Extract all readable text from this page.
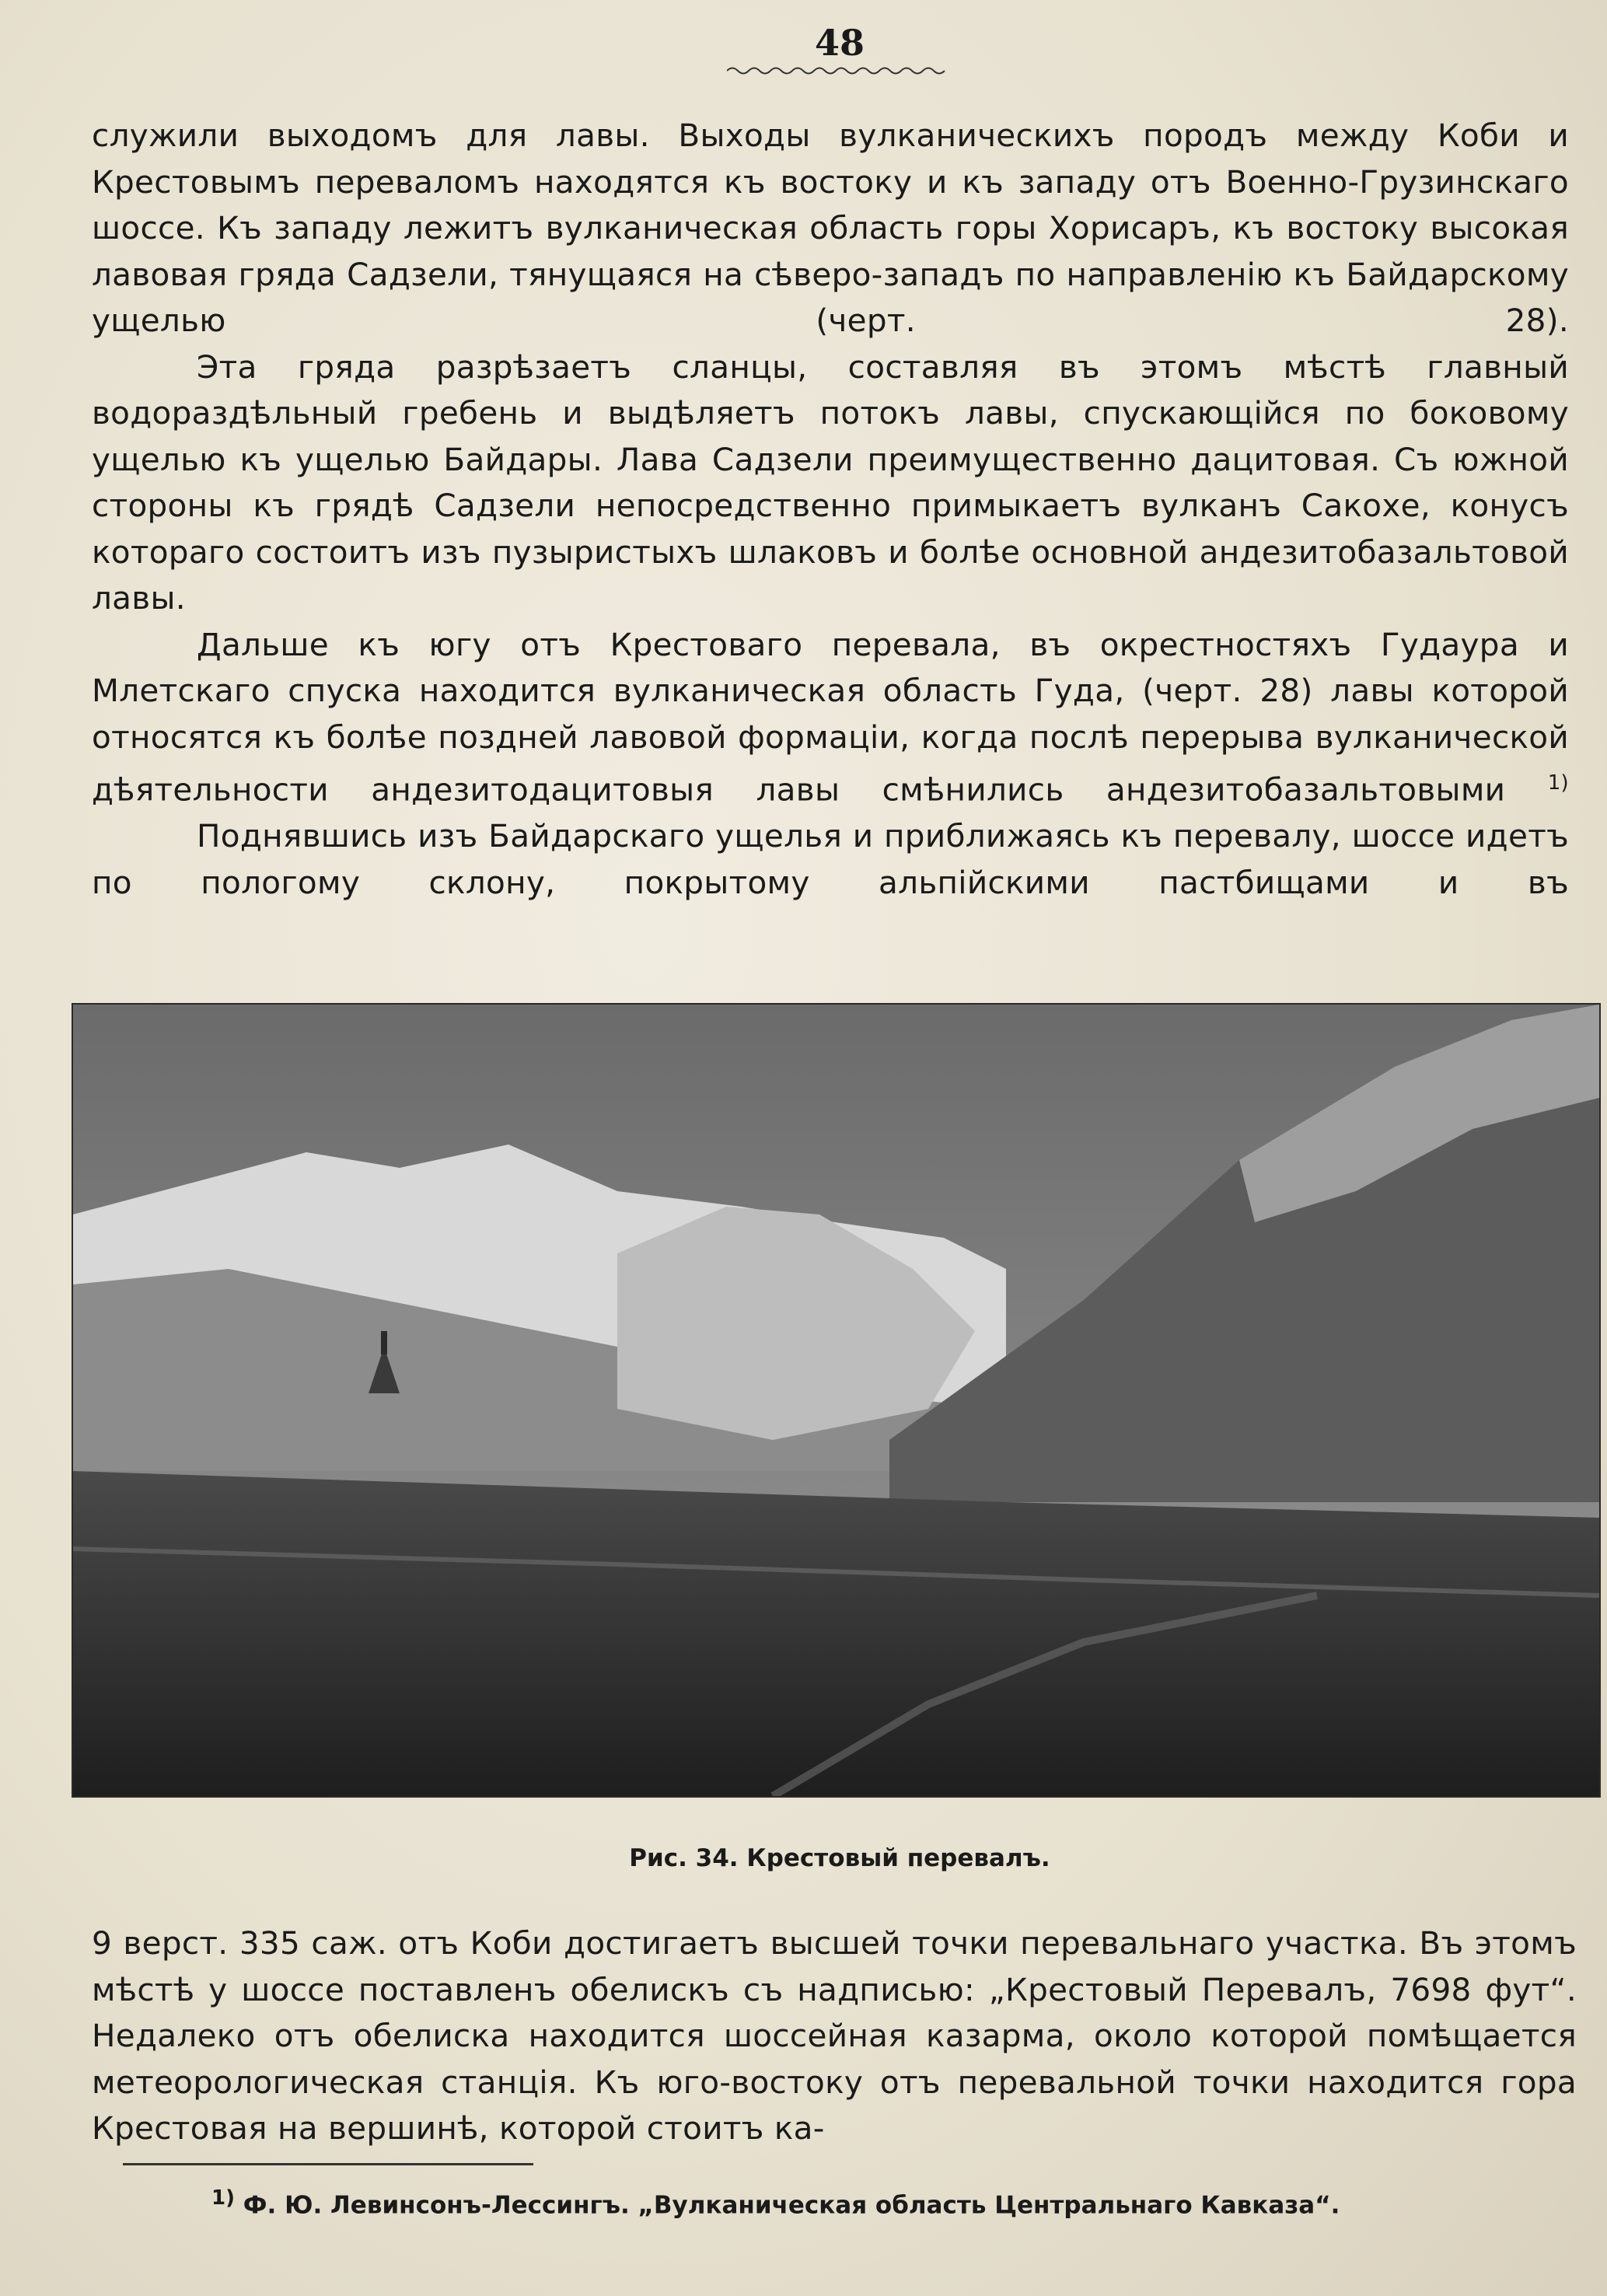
48

служили выходомъ для лавы. Выходы вулканическихъ породъ между Коби и Крестовымъ переваломъ находятся къ востоку и къ западу отъ Военно-Грузинскаго шоссе. Къ западу лежитъ вулканическая область горы Хорисаръ, къ востоку высокая лавовая гряда Садзели, тянущаяся на сѣверо-западъ по направленію къ Байдарскому ущелью (черт. 28).

Эта гряда разрѣзаетъ сланцы, составляя въ этомъ мѣстѣ главный водораздѣльный гребень и выдѣляетъ потокъ лавы, спускающійся по боковому ущелью къ ущелью Байдары. Лава Садзели преимущественно дацитовая. Съ южной стороны къ грядѣ Садзели непосредственно примыкаетъ вулканъ Сакохе, конусъ котораго состоитъ изъ пузыристыхъ шлаковъ и болѣе основной андезитобазальтовой лавы.

Дальше къ югу отъ Крестоваго перевала, въ окрестностяхъ Гудаура и Млетскаго спуска находится вулканическая область Гуда, (черт. 28) лавы которой относятся къ болѣе поздней лавовой формаціи, когда послѣ перерыва вулканической дѣятельности андезитодацитовыя лавы смѣнились андезитобазальтовыми $^{1)}$

Поднявшись изъ Байдарскаго ущелья и приближаясь къ перевалу, шоссе идетъ по пологому склону, покрытому альпійскими пастбищами и въ

Рис. 34. Крестовый перевалъ.

9 верст. 335 саж. отъ Коби достигаетъ высшей точки перевальнаго участка. Въ этомъ мѣстѣ у шоссе поставленъ обелискъ съ надписью: „Крестовый Перевалъ, 7698 фут“. Недалеко отъ обелиска находится шоссейная казарма, около которой помѣщается метеорологическая станція. Къ юго-востоку отъ перевальной точки находится гора Крестовая на вершинѣ, которой стоитъ ка-

$^{1)}$ Ф. Ю. Левинсонъ-Лессингъ. „Вулканическая область Центральнаго Кавказа“.
